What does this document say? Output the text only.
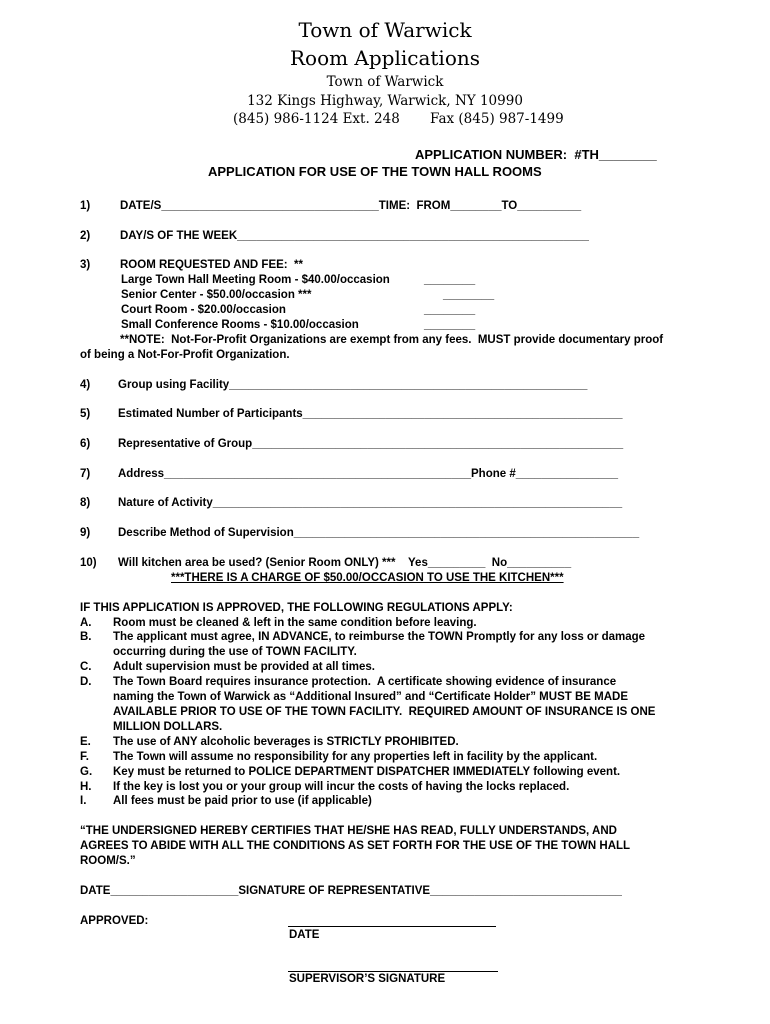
Town of Warwick
Room Applications
Town of Warwick
132 Kings Highway, Warwick, NY 10990
(845) 986-1124 Ext. 248 Fax (845) 987-1499
APPLICATION NUMBER:  #TH________
APPLICATION FOR USE OF THE TOWN HALL ROOMS
1)	DATE/S__________________________________TIME:  FROM________TO__________
2)	DAY/S OF THE WEEK_______________________________________________________
3)	ROOM REQUESTED AND FEE:  **
Large Town Hall Meeting Room - $40.00/occasion	________
Senior Center - $50.00/occasion ***	________
Court Room - $20.00/occasion	________
Small Conference Rooms - $10.00/occasion	________
**NOTE:  Not-For-Profit Organizations are exempt from any fees.  MUST provide documentary proof
of being a Not-For-Profit Organization.
4) Group using Facility________________________________________________________
5) Estimated Number of Participants__________________________________________________
6) Representative of Group__________________________________________________________
7) Address________________________________________________Phone #________________
8) Nature of Activity________________________________________________________________
9) Describe Method of Supervision______________________________________________________
10) Will kitchen area be used? (Senior Room ONLY) ***    Yes_________  No__________
***THERE IS A CHARGE OF $50.00/OCCASION TO USE THE KITCHEN***
IF THIS APPLICATION IS APPROVED, THE FOLLOWING REGULATIONS APPLY:
A. Room must be cleaned & left in the same condition before leaving.
B. The applicant must agree, IN ADVANCE, to reimburse the TOWN Promptly for any loss or damage
occurring during the use of TOWN FACILITY.
C. Adult supervision must be provided at all times.
D. The Town Board requires insurance protection.  A certificate showing evidence of insurance
naming the Town of Warwick as “Additional Insured” and “Certificate Holder” MUST BE MADE
AVAILABLE PRIOR TO USE OF THE TOWN FACILITY.  REQUIRED AMOUNT OF INSURANCE IS ONE
MILLION DOLLARS.
E. The use of ANY alcoholic beverages is STRICTLY PROHIBITED.
F. The Town will assume no responsibility for any properties left in facility by the applicant.
G. Key must be returned to POLICE DEPARTMENT DISPATCHER IMMEDIATELY following event.
H. If the key is lost you or your group will incur the costs of having the locks replaced.
I. All fees must be paid prior to use (if applicable)
“THE UNDERSIGNED HEREBY CERTIFIES THAT HE/SHE HAS READ, FULLY UNDERSTANDS, AND
AGREES TO ABIDE WITH ALL THE CONDITIONS AS SET FORTH FOR THE USE OF THE TOWN HALL
ROOM/S.”
DATE____________________SIGNATURE OF REPRESENTATIVE______________________________
APPROVED:
DATE
SUPERVISOR’S SIGNATURE
